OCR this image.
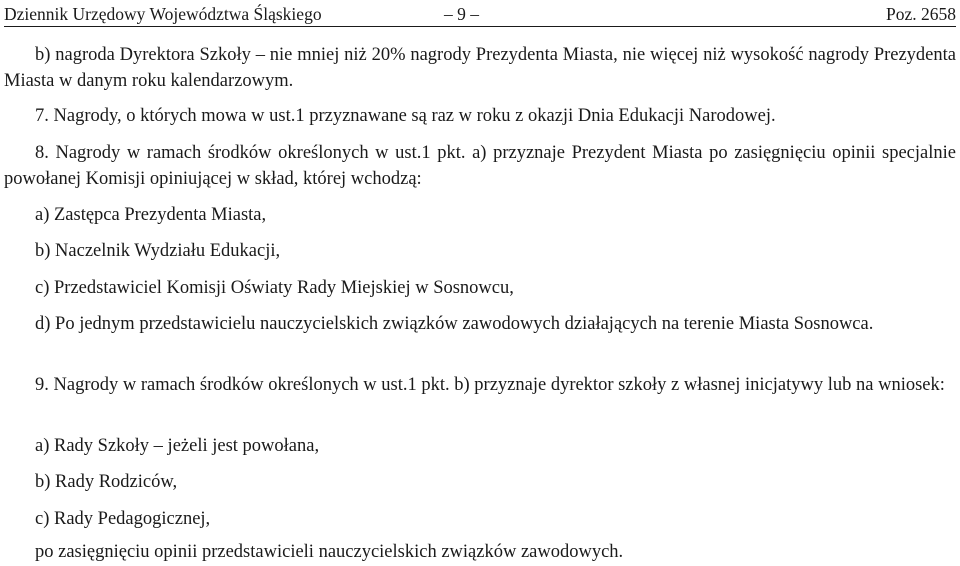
Dziennik Urzędowy Województwa Śląskiego	– 9 –	Poz. 2658
b) nagroda Dyrektora Szkoły – nie mniej niż 20% nagrody Prezydenta Miasta, nie więcej niż wysokość nagrody Prezydenta Miasta w danym roku kalendarzowym.
7. Nagrody, o których mowa w ust.1 przyznawane są raz w roku z okazji Dnia Edukacji Narodowej.
8. Nagrody w ramach środków określonych w ust.1 pkt. a) przyznaje Prezydent Miasta po zasięgnięciu opinii specjalnie powołanej Komisji opiniującej w skład, której wchodzą:
a) Zastępca Prezydenta Miasta,
b) Naczelnik Wydziału Edukacji,
c) Przedstawiciel Komisji Oświaty Rady Miejskiej w Sosnowcu,
d) Po jednym przedstawicielu nauczycielskich związków zawodowych działających na terenie Miasta Sosnowca.
9. Nagrody w ramach środków określonych w ust.1 pkt. b) przyznaje dyrektor szkoły z własnej inicjatywy lub na wniosek:
a) Rady Szkoły – jeżeli jest powołana,
b) Rady Rodziców,
c) Rady Pedagogicznej,
po zasięgnięciu opinii przedstawicieli nauczycielskich związków zawodowych.
